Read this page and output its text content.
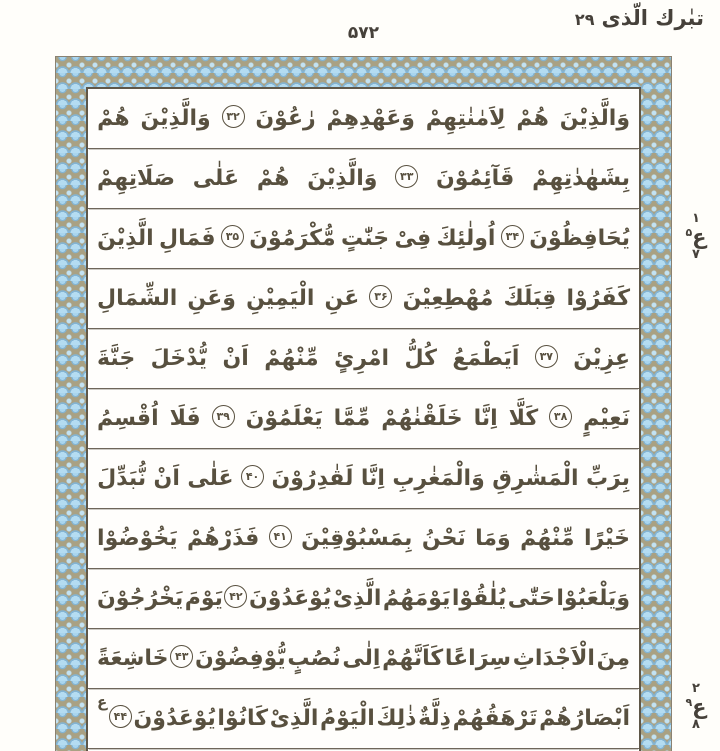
تبٰرك الّذى
۲۹
۵۷۲
وَالَّذِيْنَ
هُمْ
لِاَمٰنٰتِهِمْ
وَعَهْدِهِمْ
رٰعُوْنَ
۳۲
وَالَّذِيْنَ
هُمْ
بِشَهٰدٰتِهِمْ
قَآئِمُوْنَ
۳۳
وَالَّذِيْنَ
هُمْ
عَلٰى
صَلَاتِهِمْ
يُحَافِظُوْنَ
۳۴
اُولٰئِكَ
فِىْ
جَنّٰتٍ
مُّكْرَمُوْنَ
۳۵
فَمَالِ
الَّذِيْنَ
كَفَرُوْا
قِبَلَكَ
مُهْطِعِيْنَ
۳۶
عَنِ
الْيَمِيْنِ
وَعَنِ
الشِّمَالِ
عِزِيْنَ
۳۷
اَيَطْمَعُ
كُلُّ
امْرِئٍ
مِّنْهُمْ
اَنْ
يُّدْخَلَ
جَنَّةَ
نَعِيْمٍ
۳۸
كَلَّا
اِنَّا
خَلَقْنٰهُمْ
مِّمَّا
يَعْلَمُوْنَ
۳۹
فَلَا
اُقْسِمُ
بِرَبِّ
الْمَشٰرِقِ
وَالْمَغٰرِبِ
اِنَّا
لَقٰدِرُوْنَ
۴۰
عَلٰى
اَنْ
نُّبَدِّلَ
خَيْرًا
مِّنْهُمْ
وَمَا
نَحْنُ
بِمَسْبُوْقِيْنَ
۴۱
فَذَرْهُمْ
يَخُوْضُوْا
وَيَلْعَبُوْا
حَتّٰى
يُلٰقُوْا
يَوْمَهُمُ
الَّذِىْ
يُوْعَدُوْنَ
۴۲
يَوْمَ
يَخْرُجُوْنَ
مِنَ
الْاَجْدَاثِ
سِرَاعًا
كَاَنَّهُمْ
اِلٰى
نُصُبٍ
يُّوْفِضُوْنَ
۴۳
خَاشِعَةً
اَبْصَارُهُمْ
تَرْهَقُهُمْ
ذِلَّةٌ
ذٰلِكَ
الْيَوْمُ
الَّذِىْ
كَانُوْا
يُوْعَدُوْنَ
۴۴
ع
۱
ع$^۵$
۷
۲
ع$^۹$
۸
